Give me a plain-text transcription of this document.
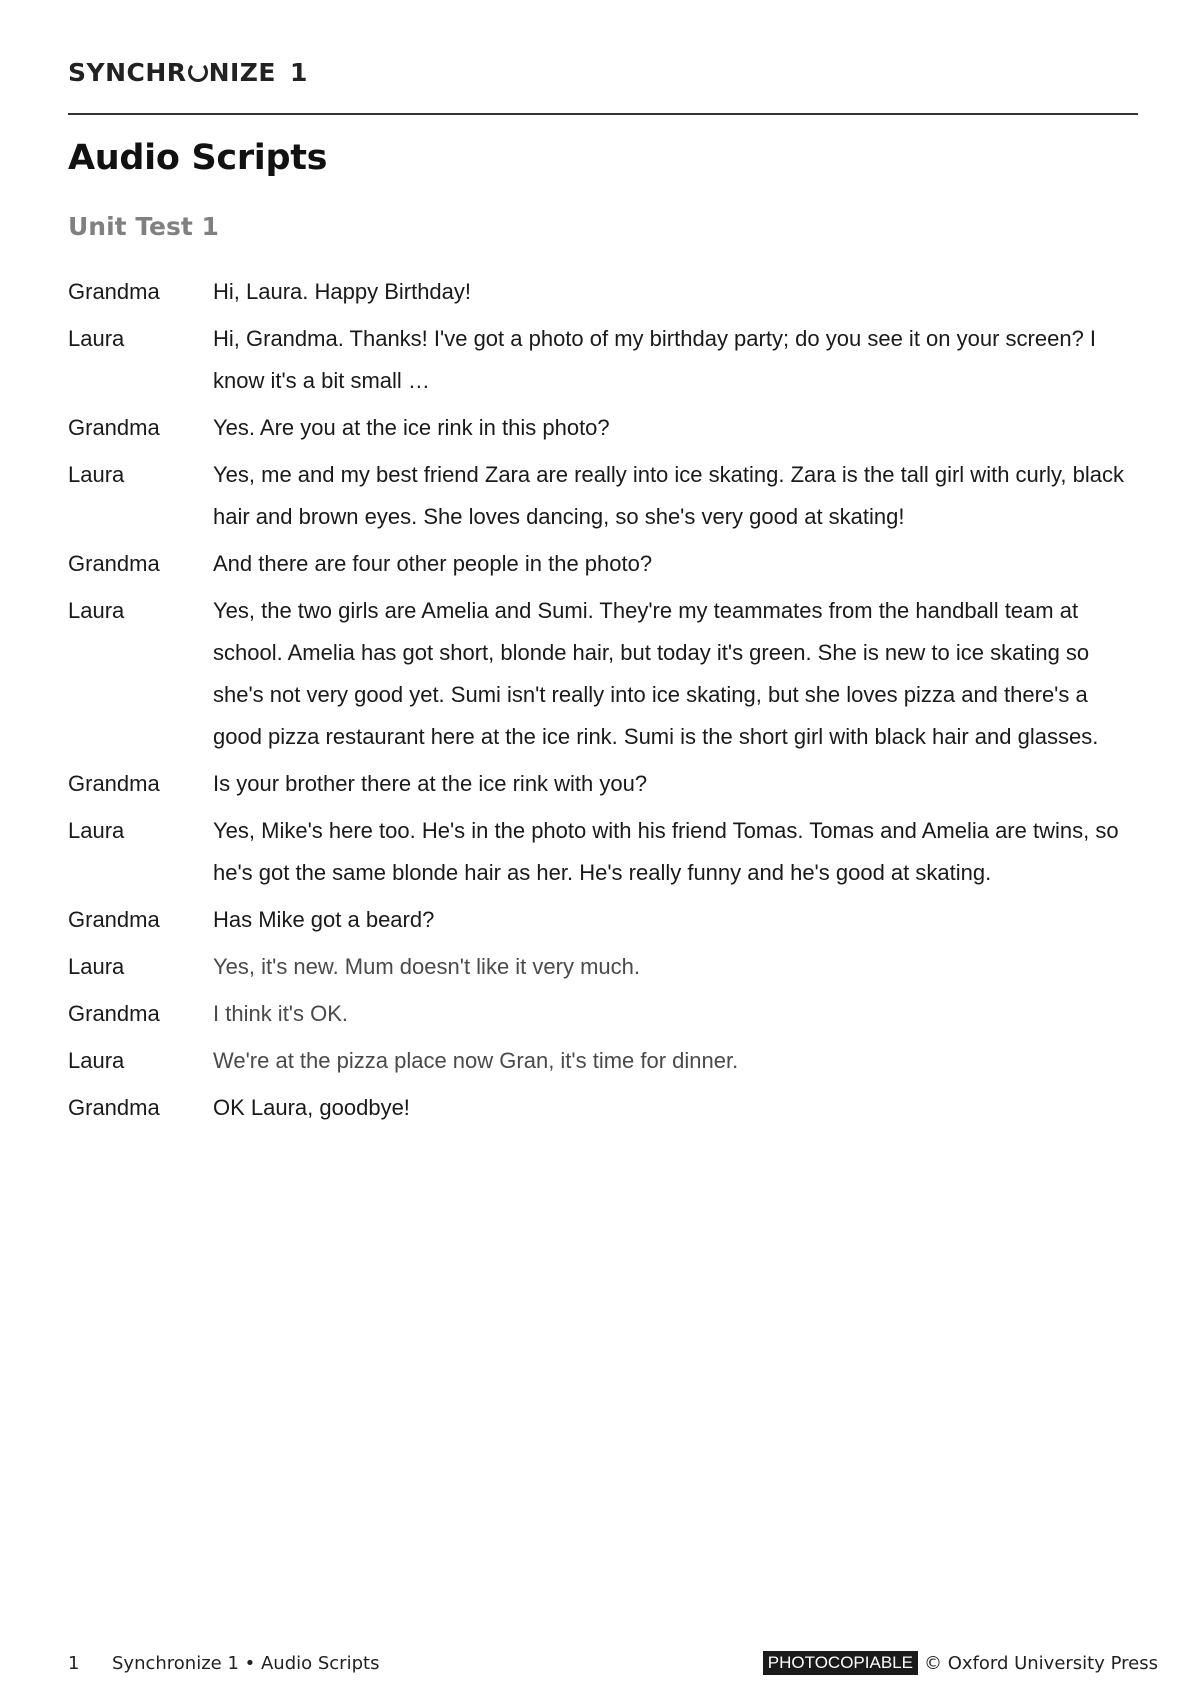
SYNCHR NIZE 1
Audio Scripts
Unit Test 1
Grandma	Hi, Laura. Happy Birthday!
Laura	Hi, Grandma. Thanks! I've got a photo of my birthday party; do you see it on your screen? I know it's a bit small …
Grandma	Yes. Are you at the ice rink in this photo?
Laura	Yes, me and my best friend Zara are really into ice skating. Zara is the tall girl with curly, black hair and brown eyes. She loves dancing, so she's very good at skating!
Grandma	And there are four other people in the photo?
Laura	Yes, the two girls are Amelia and Sumi. They're my teammates from the handball team at school. Amelia has got short, blonde hair, but today it's green. She is new to ice skating so she's not very good yet. Sumi isn't really into ice skating, but she loves pizza and there's a good pizza restaurant here at the ice rink. Sumi is the short girl with black hair and glasses.
Grandma	Is your brother there at the ice rink with you?
Laura	Yes, Mike's here too. He's in the photo with his friend Tomas. Tomas and Amelia are twins, so he's got the same blonde hair as her. He's really funny and he's good at skating.
Grandma	Has Mike got a beard?
Laura	Yes, it's new. Mum doesn't like it very much.
Grandma	I think it's OK.
Laura	We're at the pizza place now Gran, it's time for dinner.
Grandma	OK Laura, goodbye!
1	Synchronize 1 • Audio Scripts	PHOTOCOPIABLE © Oxford University Press
